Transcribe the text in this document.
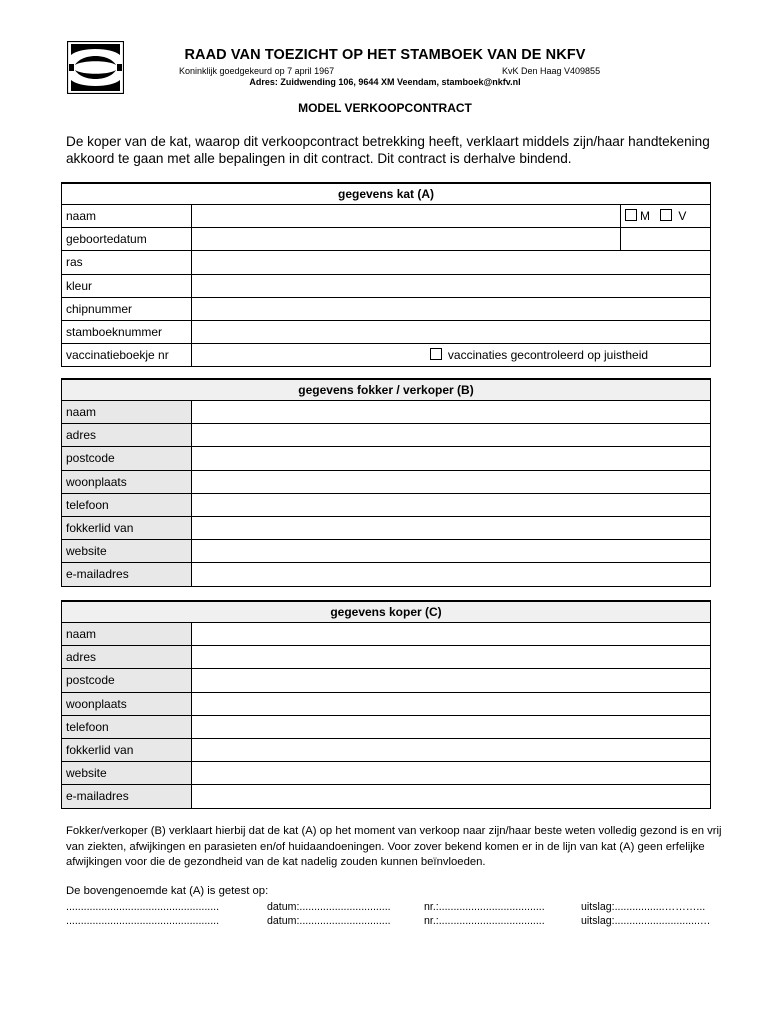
RAAD VAN TOEZICHT OP HET STAMBOEK VAN DE NKFV
Koninklijk goedgekeurd op 7 april 1967	KvK Den Haag V409855
Adres: Zuidwending 106, 9644 XM Veendam, stamboek@nkfv.nl
MODEL VERKOOPCONTRACT
De koper van de kat, waarop dit verkoopcontract betrekking heeft, verklaart middels zijn/haar handtekening akkoord te gaan met alle bepalingen in dit contract. Dit contract is derhalve bindend.
gegevens kat (A)		
naam		M V
geboortedatum		
ras		
kleur		
chipnummer		
stamboeknummer		
vaccinatieboekje nr	vaccinaties gecontroleerd op juistheid	
gegevens fokker / verkoper (B)	
naam	
adres	
postcode	
woonplaats	
telefoon	
fokkerlid van	
website	
e-mailadres	
gegevens koper (C)	
naam	
adres	
postcode	
woonplaats	
telefoon	
fokkerlid van	
website	
e-mailadres	
Fokker/verkoper (B) verklaart hierbij dat de kat (A) op het moment van verkoop naar zijn/haar beste weten volledig gezond is en vrij van ziekten, afwijkingen en parasieten en/of huidaandoeningen. Voor zover bekend komen er in de lijn van kat (A) geen erfelijke afwijkingen voor die de gezondheid van de kat nadelig zouden kunnen beïnvloeden.
De bovengenoemde kat (A) is getest op:
....................................................	datum:...............................	nr.:....................................	uitslag:.................………...
....................................................	datum:...............................	nr.:....................................	uitslag:.............................…
